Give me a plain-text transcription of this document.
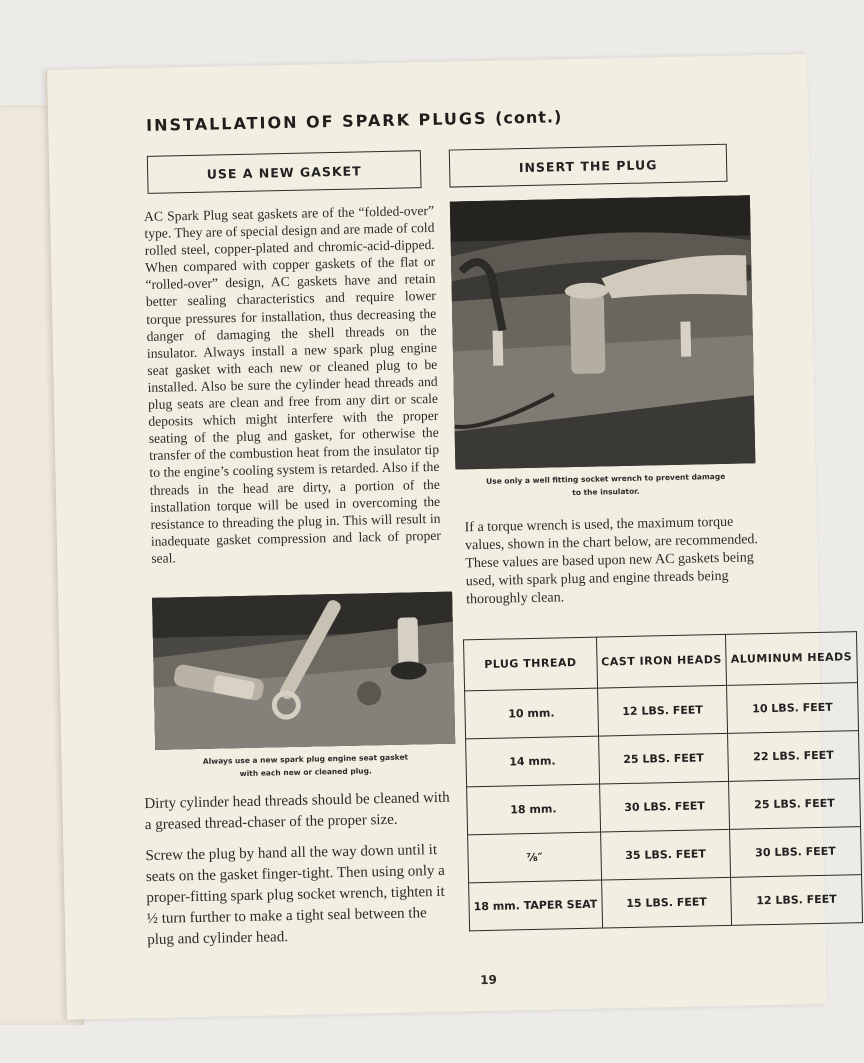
INSTALLATION OF SPARK PLUGS (cont.)
USE A NEW GASKET	INSERT THE PLUG
AC Spark Plug seat gaskets are of the “folded-over” type. They are of special design and are made of cold rolled steel, copper-plated and chromic-acid-dipped. When compared with copper gaskets of the flat or “rolled-over” design, AC gaskets have and retain better sealing characteristics and require lower torque pressures for installation, thus decreasing the danger of damaging the shell threads on the insulator. Always install a new spark plug engine seat gasket with each new or cleaned plug to be installed. Also be sure the cylinder head threads and plug seats are clean and free from any dirt or scale deposits which might interfere with the proper seating of the plug and gasket, for otherwise the transfer of the combustion heat from the insulator tip to the engine’s cooling system is retarded. Also if the threads in the head are dirty, a portion of the installation torque will be used in overcoming the resistance to threading the plug in. This will result in inadequate gasket compression and lack of proper seal.
Always use a new spark plug engine seat gasket
with each new or cleaned plug.
Dirty cylinder head threads should be cleaned with a greased thread-chaser of the proper size.
Screw the plug by hand all the way down until it seats on the gasket finger-tight. Then using only a proper-fitting spark plug socket wrench, tighten it ½ turn further to make a tight seal between the plug and cylinder head.
Use only a well fitting socket wrench to prevent damage
to the insulator.
If a torque wrench is used, the maximum torque values, shown in the chart below, are recommended. These values are based upon new AC gaskets being used, with spark plug and engine threads being thoroughly clean.
PLUG THREAD	CAST IRON HEADS	ALUMINUM HEADS
10 mm.	12 LBS. FEET	10 LBS. FEET
14 mm.	25 LBS. FEET	22 LBS. FEET
18 mm.	30 LBS. FEET	25 LBS. FEET
⅞″	35 LBS. FEET	30 LBS. FEET
18 mm. TAPER SEAT	15 LBS. FEET	12 LBS. FEET
19
